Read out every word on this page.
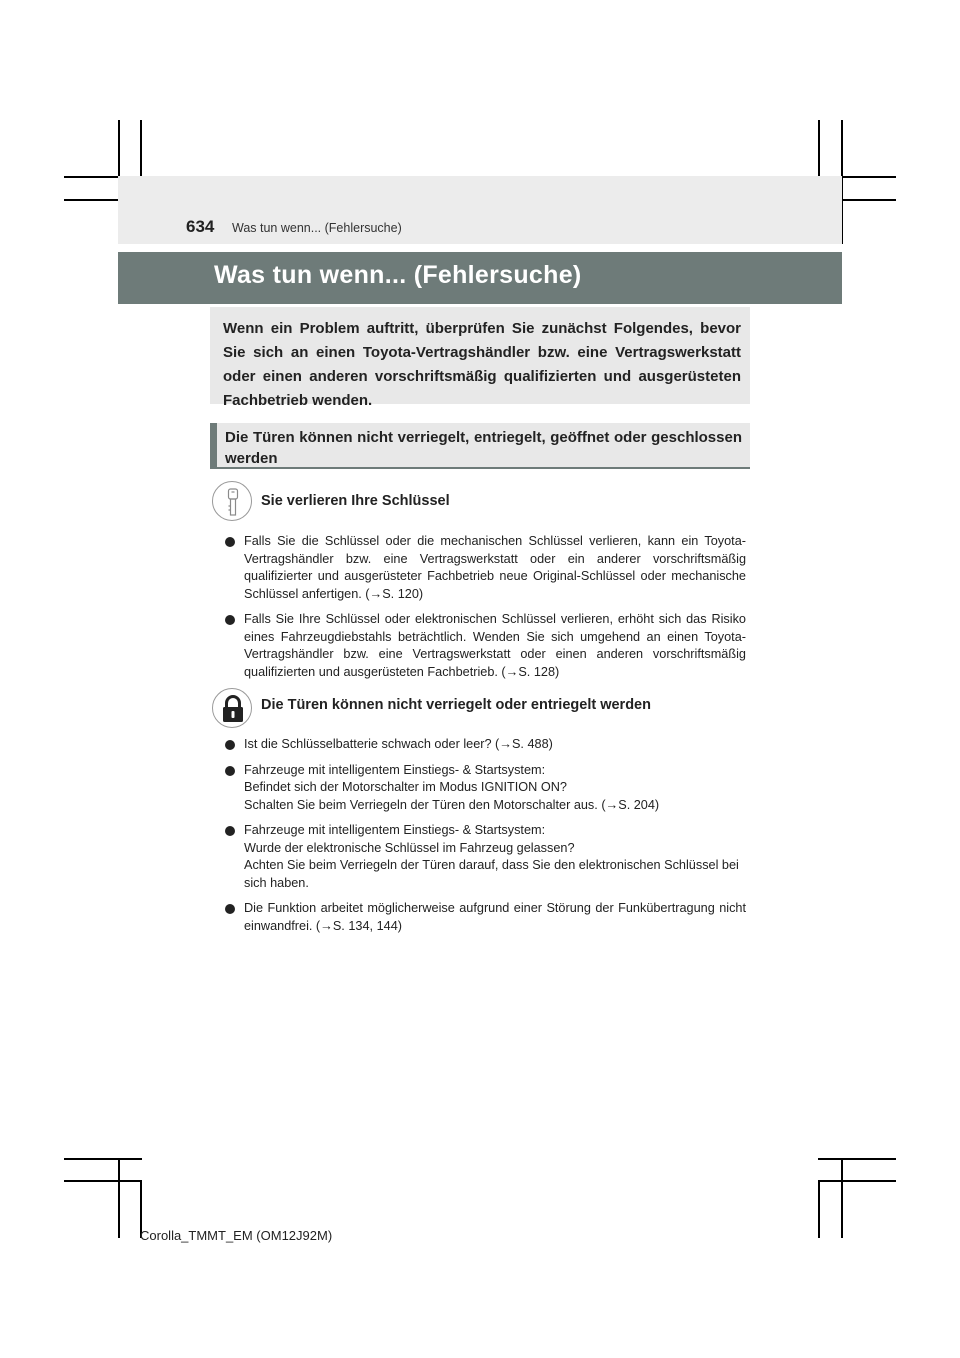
634 Was tun wenn... (Fehlersuche)
Was tun wenn... (Fehlersuche)

Wenn ein Problem auftritt, überprüfen Sie zunächst Folgendes, bevor Sie sich an einen Toyota-Vertragshändler bzw. eine Vertragswerkstatt oder einen anderen vorschriftsmäßig qualifizierten und ausgerüsteten Fachbetrieb wenden.

Die Türen können nicht verriegelt, entriegelt, geöffnet oder geschlossen werden

Sie verlieren Ihre Schlüssel

Falls Sie die Schlüssel oder die mechanischen Schlüssel verlieren, kann ein Toyota-Vertragshändler bzw. eine Vertragswerkstatt oder ein anderer vorschriftsmäßig qualifizierter und ausgerüsteter Fachbetrieb neue Original-Schlüssel oder mechanische Schlüssel anfertigen. (→S. 120)

Falls Sie Ihre Schlüssel oder elektronischen Schlüssel verlieren, erhöht sich das Risiko eines Fahrzeugdiebstahls beträchtlich. Wenden Sie sich umgehend an einen Toyota-Vertragshändler bzw. eine Vertragswerkstatt oder einen anderen vorschriftsmäßig qualifizierten und ausgerüsteten Fachbetrieb. (→S. 128)

Die Türen können nicht verriegelt oder entriegelt werden

Ist die Schlüsselbatterie schwach oder leer? (→S. 488)

Fahrzeuge mit intelligentem Einstiegs- & Startsystem:
Befindet sich der Motorschalter im Modus IGNITION ON?
Schalten Sie beim Verriegeln der Türen den Motorschalter aus. (→S. 204)

Fahrzeuge mit intelligentem Einstiegs- & Startsystem:
Wurde der elektronische Schlüssel im Fahrzeug gelassen?
Achten Sie beim Verriegeln der Türen darauf, dass Sie den elektronischen Schlüssel bei sich haben.

Die Funktion arbeitet möglicherweise aufgrund einer Störung der Funkübertragung nicht einwandfrei. (→S. 134, 144)

Corolla_TMMT_EM (OM12J92M)
